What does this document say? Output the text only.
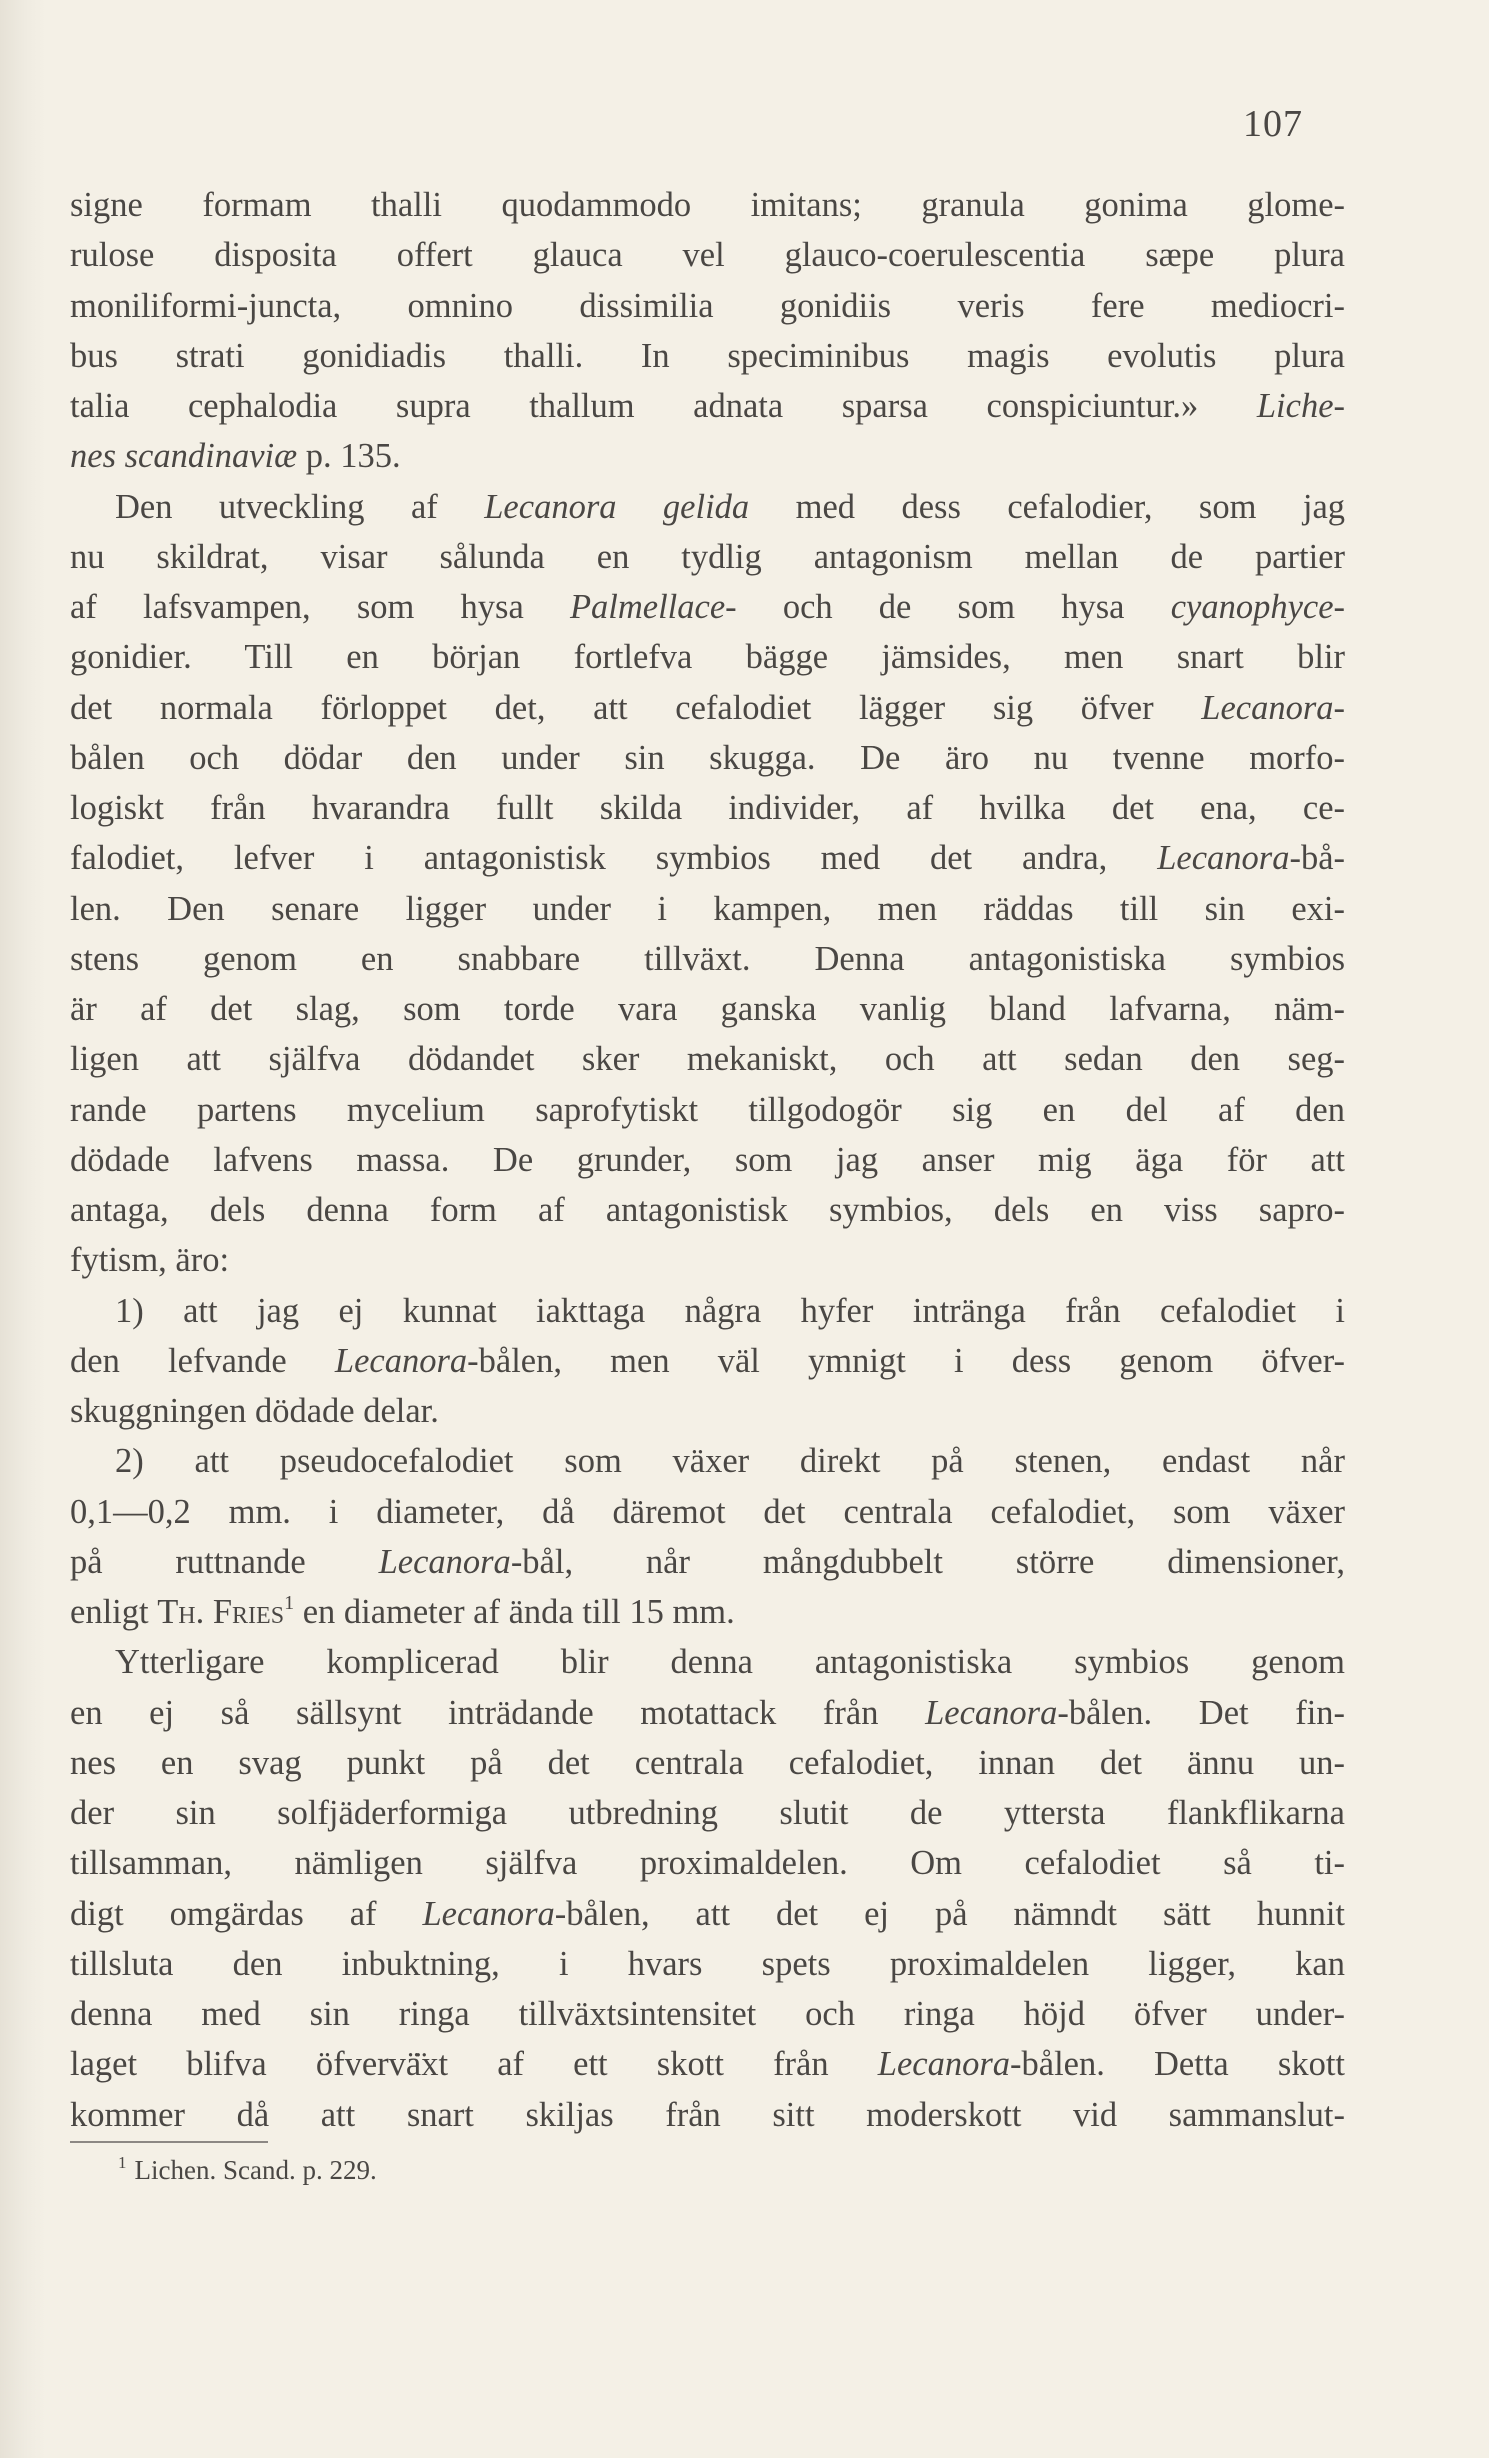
107
signe formam thalli quodammodo imitans; granula gonima glome-
rulose disposita offert glauca vel glauco-coerulescentia sæpe plura
moniliformi-juncta, omnino dissimilia gonidiis veris fere mediocri-
bus strati gonidiadis thalli. In speciminibus magis evolutis plura
talia cephalodia supra thallum adnata sparsa conspiciuntur.» Liche-
nes scandinaviæ p. 135.
Den utveckling af Lecanora gelida med dess cefalodier, som jag
nu skildrat, visar sålunda en tydlig antagonism mellan de partier
af lafsvampen, som hysa Palmellace- och de som hysa cyanophyce-
gonidier. Till en början fortlefva bägge jämsides, men snart blir
det normala förloppet det, att cefalodiet lägger sig öfver Lecanora-
bålen och dödar den under sin skugga. De äro nu tvenne morfo-
logiskt från hvarandra fullt skilda individer, af hvilka det ena, ce-
falodiet, lefver i antagonistisk symbios med det andra, Lecanora-bå-
len. Den senare ligger under i kampen, men räddas till sin exi-
stens genom en snabbare tillväxt. Denna antagonistiska symbios
är af det slag, som torde vara ganska vanlig bland lafvarna, näm-
ligen att själfva dödandet sker mekaniskt, och att sedan den seg-
rande partens mycelium saprofytiskt tillgodogör sig en del af den
dödade lafvens massa. De grunder, som jag anser mig äga för att
antaga, dels denna form af antagonistisk symbios, dels en viss sapro-
fytism, äro:
1) att jag ej kunnat iakttaga några hyfer intränga från cefalodiet i
den lefvande Lecanora-bålen, men väl ymnigt i dess genom öfver-
skuggningen dödade delar.
2) att pseudocefalodiet som växer direkt på stenen, endast når
0,1—0,2 mm. i diameter, då däremot det centrala cefalodiet, som växer
på ruttnande Lecanora-bål, når mångdubbelt större dimensioner,
enligt Th. Fries$^1$ en diameter af ända till 15 mm.
Ytterligare komplicerad blir denna antagonistiska symbios genom
en ej så sällsynt inträdande motattack från Lecanora-bålen. Det fin-
nes en svag punkt på det centrala cefalodiet, innan det ännu un-
der sin solfjäderformiga utbredning slutit de yttersta flankflikarna
tillsamman, nämligen själfva proximaldelen. Om cefalodiet så ti-
digt omgärdas af Lecanora-bålen, att det ej på nämndt sätt hunnit
tillsluta den inbuktning, i hvars spets proximaldelen ligger, kan
denna med sin ringa tillväxtsintensitet och ringa höjd öfver under-
laget blifva öfvervä̈xt af ett skott från Lecanora-bålen. Detta skott
kommer då att snart skiljas från sitt moderskott vid sammanslut-
$^1$ Lichen. Scand. p. 229.
